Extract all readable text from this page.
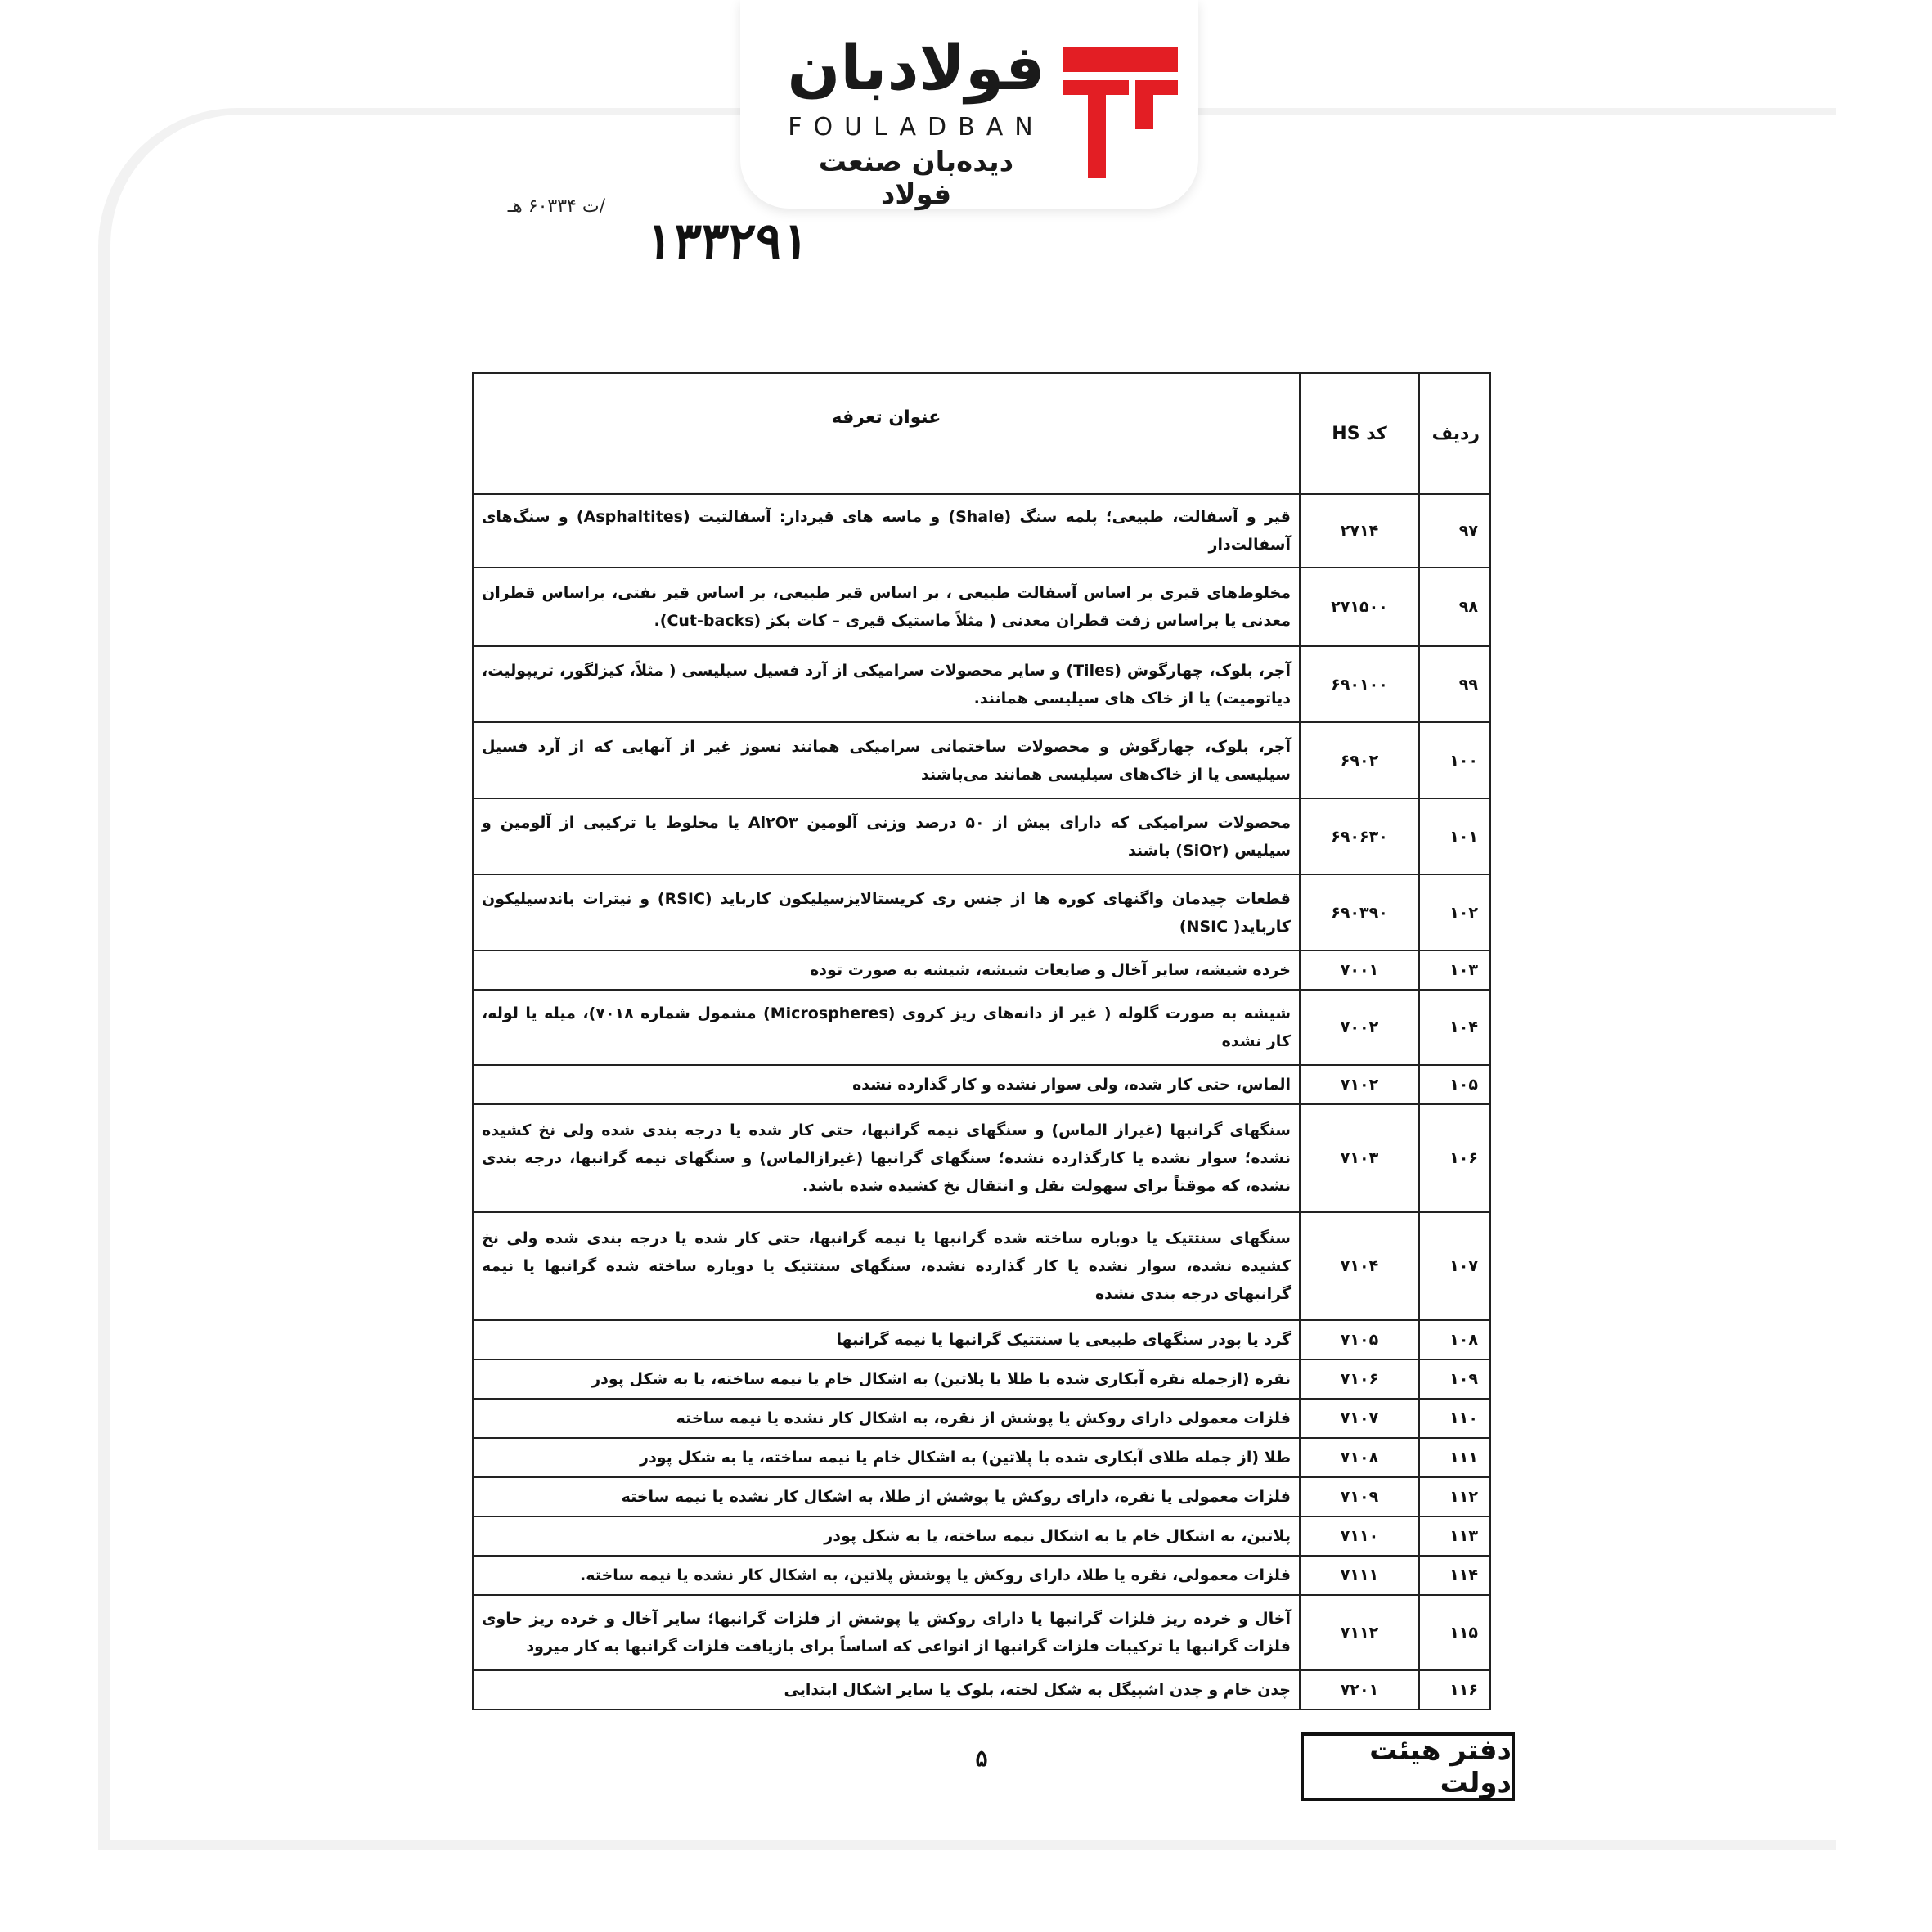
فولادبان
FOULADBAN
دیده‌بان صنعت فولاد
/ت ۶۰۳۳۴ هـ
۱۳۳۲۹۱
ردیف	کد HS	عنوان تعرفه
۹۷	۲۷۱۴	قیر و آسفالت، طبیعی؛ پلمه سنگ (Shale) و ماسه های قیردار: آسفالتیت (Asphaltites) و سنگ‌های آسفالت‌دار
۹۸	۲۷۱۵۰۰	مخلوط‌های قیری بر اساس آسفالت طبیعی ، بر اساس قیر طبیعی، بر اساس قیر نفتی، براساس قطران معدنی یا براساس زفت قطران معدنی ( مثلاً ماستیک قیری – کات بکز (Cut-backs).
۹۹	۶۹۰۱۰۰	آجر، بلوک، چهارگوش (Tiles) و سایر محصولات سرامیکی از آرد فسیل سیلیسی ( مثلاً، کیزلگور، تریپولیت، دیاتومیت) یا از خاک های سیلیسی همانند.
۱۰۰	۶۹۰۲	آجر، بلوک، چهارگوش و محصولات ساختمانی سرامیکی همانند نسوز غیر از آنهایی که از آرد فسیل سیلیسی یا از خاک‌های سیلیسی همانند می‌باشند
۱۰۱	۶۹۰۶۳۰	محصولات سرامیکی که دارای بیش از ۵۰ درصد وزنی آلومین Al۲O۳ یا مخلوط یا ترکیبی از آلومین و سیلیس (SiO۲) باشند
۱۰۲	۶۹۰۳۹۰	قطعات چیدمان واگنهای کوره ها از جنس ری کریستالایزسیلیکون کارباید (RSIC) و نیترات باندسیلیکون کارباید( NSIC)
۱۰۳	۷۰۰۱	خرده شیشه، سایر آخال و ضایعات شیشه، شیشه به صورت توده
۱۰۴	۷۰۰۲	شیشه به صورت گلوله ( غیر از دانه‌های ریز کروی (Microspheres) مشمول شماره ۷۰۱۸)، میله یا لوله، کار نشده
۱۰۵	۷۱۰۲	الماس، حتی کار شده، ولی سوار نشده و کار گذارده نشده
۱۰۶	۷۱۰۳	سنگهای گرانبها (غیراز الماس) و سنگهای نیمه گرانبها، حتی کار شده یا درجه بندی شده ولی نخ کشیده نشده؛ سوار نشده یا کارگذارده نشده؛ سنگهای گرانبها (غیرازالماس) و سنگهای نیمه گرانبها، درجه بندی نشده، که موقتاً برای سهولت نقل و انتقال نخ کشیده شده باشد.
۱۰۷	۷۱۰۴	سنگهای سنتتیک یا دوباره ساخته شده گرانبها یا نیمه گرانبها، حتی کار شده یا درجه بندی شده ولی نخ کشیده نشده، سوار نشده یا کار گذارده نشده، سنگهای سنتتیک یا دوباره ساخته شده گرانبها یا نیمه گرانبهای درجه بندی نشده
۱۰۸	۷۱۰۵	گرد یا پودر سنگهای طبیعی یا سنتتیک گرانبها یا نیمه گرانبها
۱۰۹	۷۱۰۶	نقره (ازجمله نقره آبکاری شده با طلا یا پلاتین) به اشکال خام یا نیمه ساخته، یا به شکل پودر
۱۱۰	۷۱۰۷	فلزات معمولی دارای روکش یا پوشش از نقره، به اشکال کار نشده یا نیمه ساخته
۱۱۱	۷۱۰۸	طلا (از جمله طلای آبکاری شده با پلاتین) به اشکال خام یا نیمه ساخته، یا به شکل پودر
۱۱۲	۷۱۰۹	فلزات معمولی یا نقره، دارای روکش یا پوشش از طلا، به اشکال کار نشده یا نیمه ساخته
۱۱۳	۷۱۱۰	پلاتین، به اشکال خام یا به اشکال نیمه ساخته، یا به شکل پودر
۱۱۴	۷۱۱۱	فلزات معمولی، نقره یا طلا، دارای روکش یا پوشش پلاتین، به اشکال کار نشده یا نیمه ساخته.
۱۱۵	۷۱۱۲	آخال و خرده ریز فلزات گرانبها یا دارای روکش یا پوشش از فلزات گرانبها؛ سایر آخال و خرده ریز حاوی فلزات گرانبها یا ترکیبات فلزات گرانبها از انواعی که اساساً برای بازیافت فلزات گرانبها به کار میرود
۱۱۶	۷۲۰۱	چدن خام و چدن اشپیگل به شکل لخته، بلوک یا سایر اشکال ابتدایی
۵	دفتر هیئت دولت
